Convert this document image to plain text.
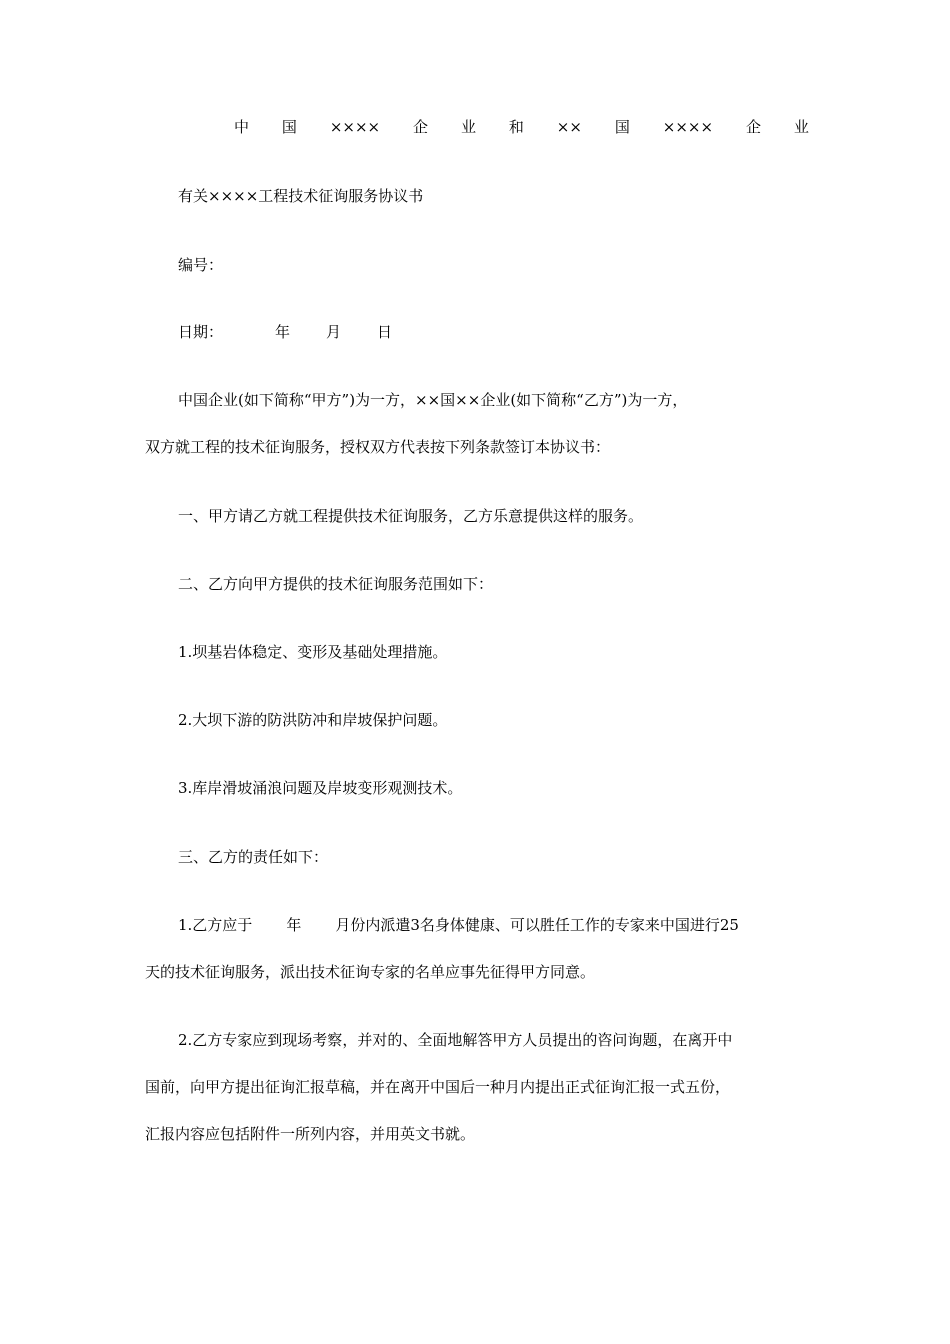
中 国 ×××× 企 业 和 ×× 国 ×××× 企 业
有关××××工程技术征询服务协议书
编号：
日期：	年 月 日
中国企业(如下简称“甲方”)为一方，××国××企业(如下简称“乙方”)为一方，
双方就工程的技术征询服务，授权双方代表按下列条款签订本协议书：
一、甲方请乙方就工程提供技术征询服务，乙方乐意提供这样的服务。
二、乙方向甲方提供的技术征询服务范围如下：
1.坝基岩体稳定、变形及基础处理措施。
2.大坝下游的防洪防冲和岸坡保护问题。
3.库岸滑坡涌浪问题及岸坡变形观测技术。
三、乙方的责任如下：
1.乙方应于 年 月份内派遣3名身体健康、可以胜任工作的专家来中国进行25
天的技术征询服务，派出技术征询专家的名单应事先征得甲方同意。
2.乙方专家应到现场考察，并对的、全面地解答甲方人员提出的咨问询题，在离开中
国前，向甲方提出征询汇报草稿，并在离开中国后一种月内提出正式征询汇报一式五份，
汇报内容应包括附件一所列内容，并用英文书就。
